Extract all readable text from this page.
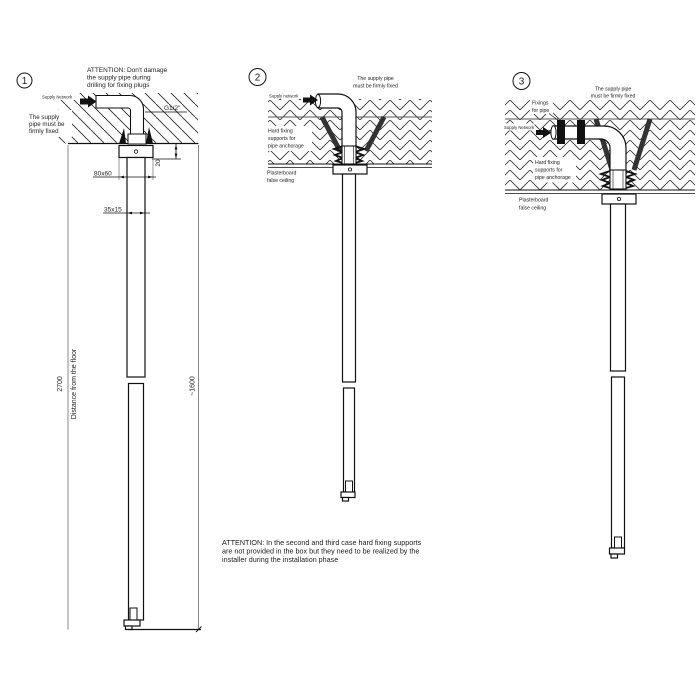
1
ATTENTION: Don't damage
the supply pipe during
drilling for fixing plugs
Supply Network
The supply
pipe must be
firmly fixed
G1/2"
80x60
35x15
20
2700 Distance from the floor	~1600
2	The supply pipe
must be firmly fixed
Supply network
Hard fixing
supports for
pipe anchorage
Plasterboard
false ceiling
3
The supply pipe
must be firmly fixed
Fixings
for pipe
Supply Network
Hard fixing
supports for
pipe anchorage
Plasterboard
false ceiling
ATTENTION: In the second and third case hard fixing supports
are not provided in the box but they need to be realized by the
installer during the installation phase
